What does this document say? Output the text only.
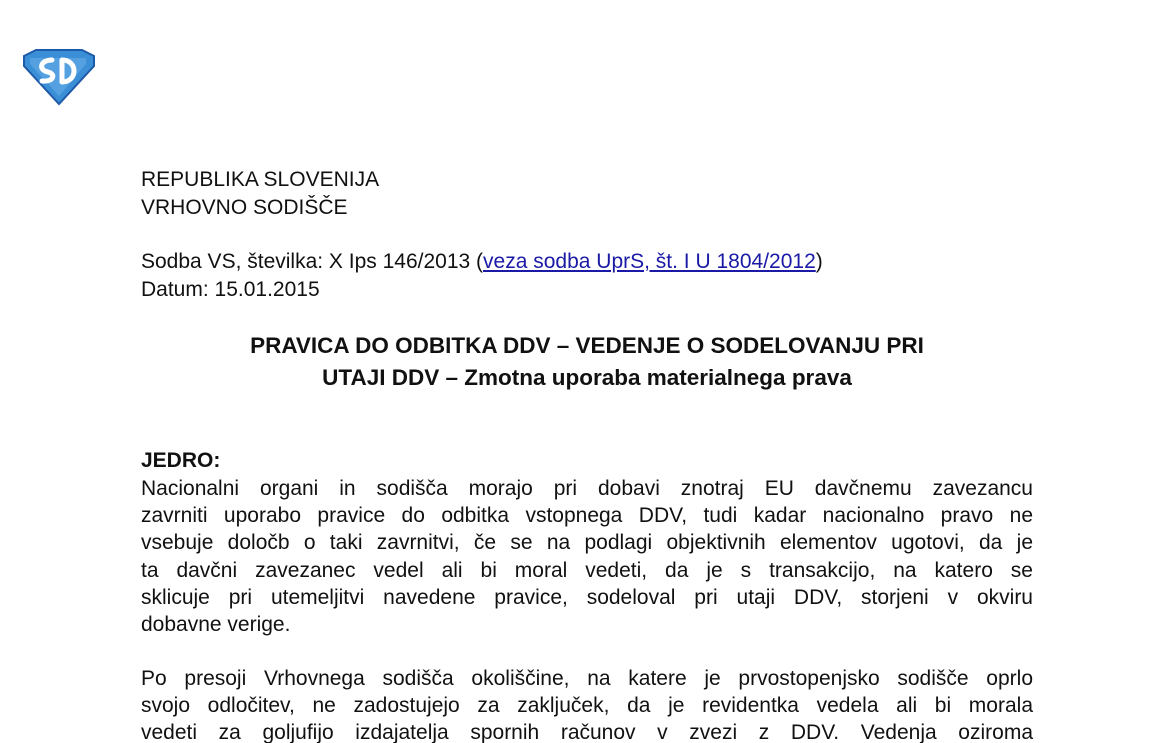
REPUBLIKA SLOVENIJA
VRHOVNO SODIŠČE
Sodba VS, številka: X Ips 146/2013 (veza sodba UprS, št. I U 1804/2012)
Datum: 15.01.2015
PRAVICA DO ODBITKA DDV – VEDENJE O SODELOVANJU PRI
UTAJI DDV – Zmotna uporaba materialnega prava
JEDRO:
Nacionalni organi in sodišča morajo pri dobavi znotraj EU davčnemu zavezancu
zavrniti uporabo pravice do odbitka vstopnega DDV, tudi kadar nacionalno pravo ne
vsebuje določb o taki zavrnitvi, če se na podlagi objektivnih elementov ugotovi, da je
ta davčni zavezanec vedel ali bi moral vedeti, da je s transakcijo, na katero se
sklicuje pri utemeljitvi navedene pravice, sodeloval pri utaji DDV, storjeni v okviru
dobavne verige.
Po presoji Vrhovnega sodišča okoliščine, na katere je prvostopenjsko sodišče oprlo
svojo odločitev, ne zadostujejo za zaključek, da je revidentka vedela ali bi morala
vedeti za goljufijo izdajatelja spornih računov v zvezi z DDV. Vedenja oziroma
